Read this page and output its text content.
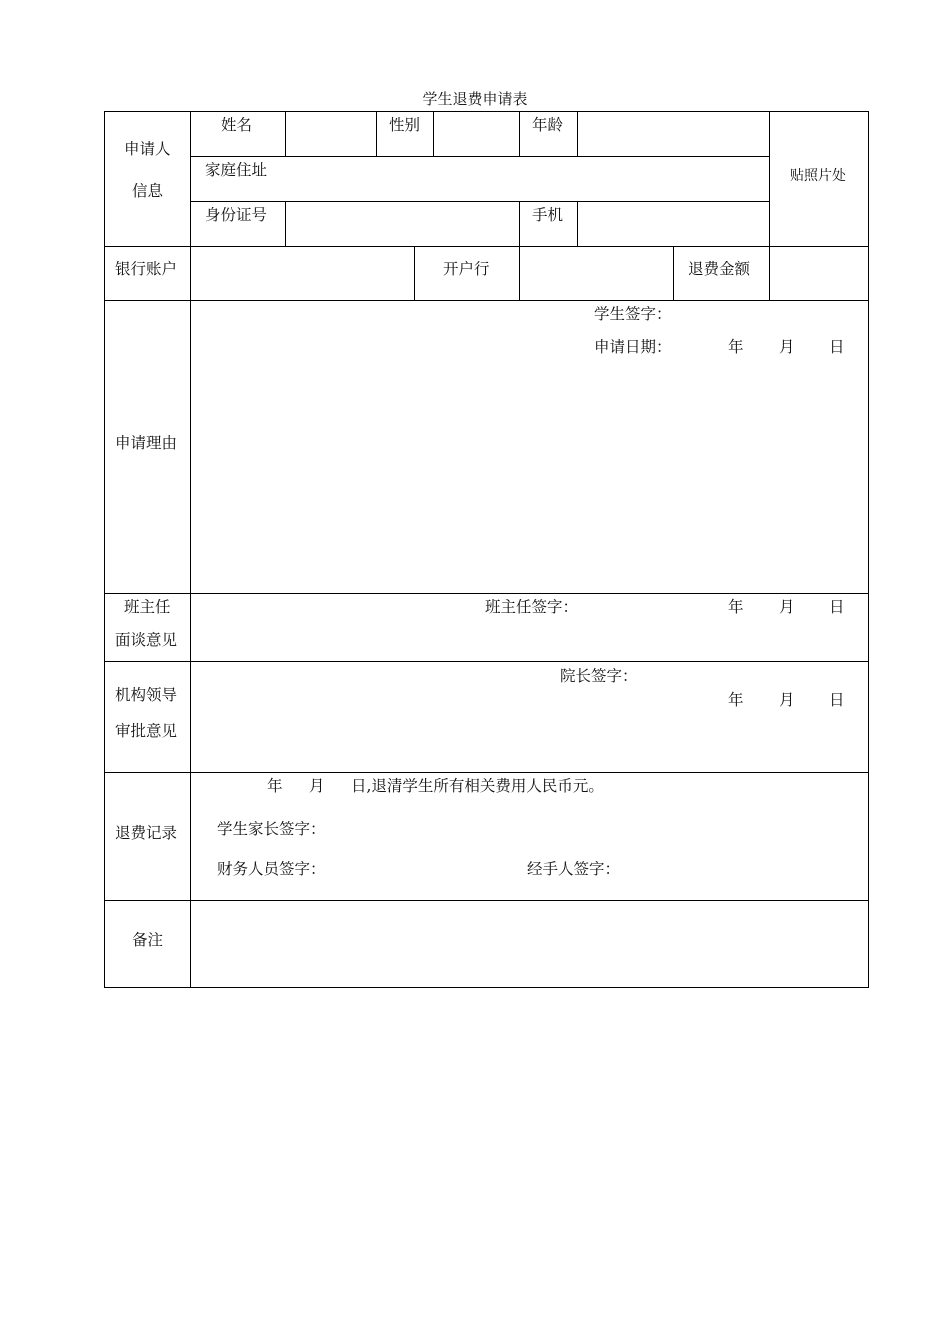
学生退费申请表
申请人
信息
姓名	性别	年龄
家庭住址
身份证号	手机
贴照片处
银行账户	开户行	退费金额
申请理由
学生签字：
申请日期：	年 月 日
班主任
面谈意见
班主任签字：	年 月 日
机构领导
审批意见
院长签字：
年 月 日
退费记录
年 月 日,退清学生所有相关费用人民币元。
学生家长签字：
财务人员签字：	经手人签字：
备注
